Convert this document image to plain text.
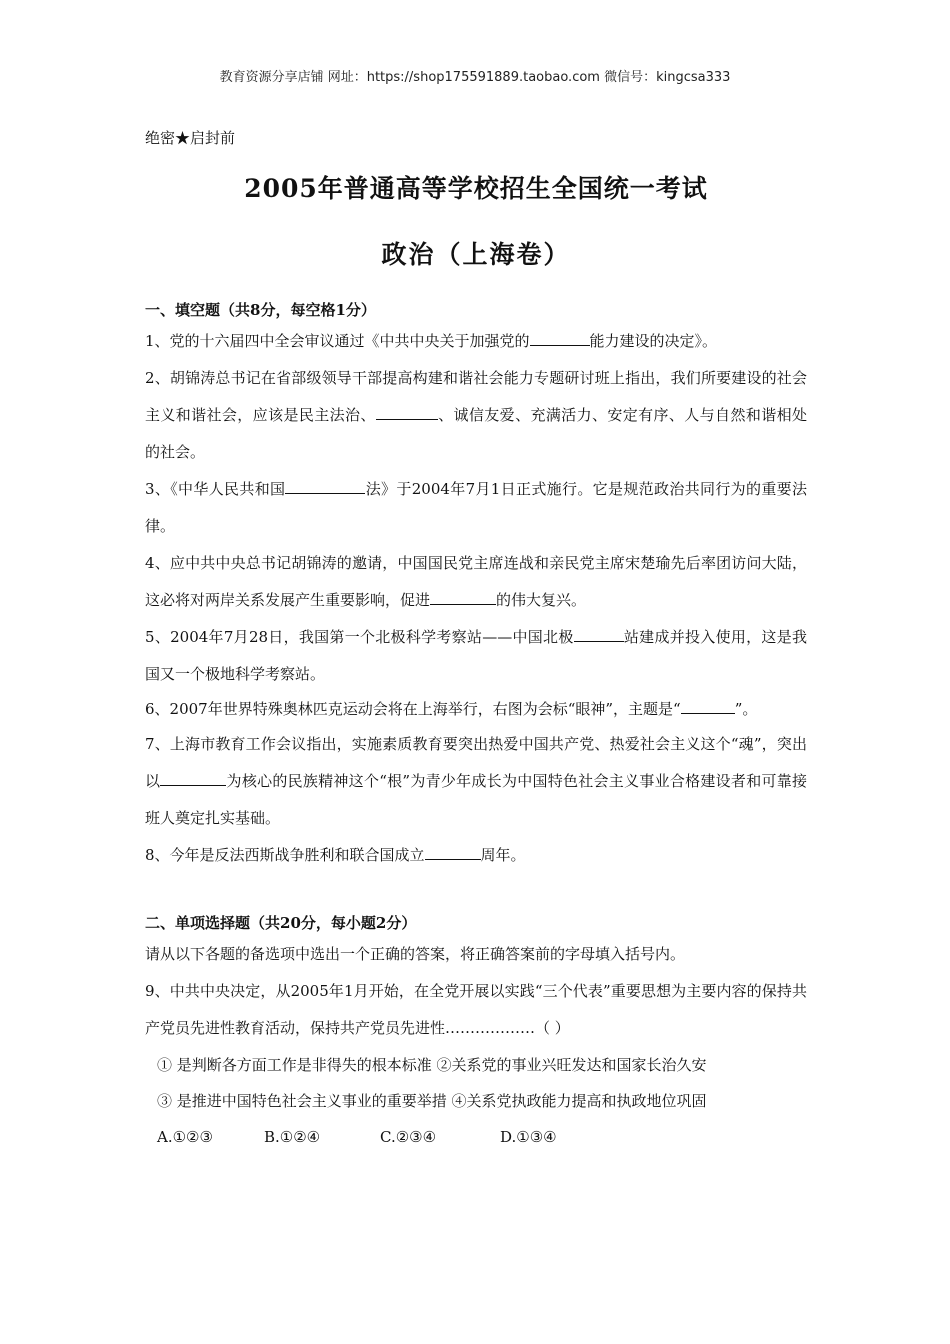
教育资源分享店铺 网址：https://shop175591889.taobao.com 微信号：kingcsa333

绝密★启封前

2005年普通高等学校招生全国统一考试
政治（上海卷）

一、填空题（共8分，每空格1分）

1、党的十六届四中全会审议通过《中共中央关于加强党的	能力建设的决定》。

2、胡锦涛总书记在省部级领导干部提高构建和谐社会能力专题研讨班上指出，我们所要建设的社会主义和谐社会，应该是民主法治、	、诚信友爱、充满活力、安定有序、人与自然和谐相处的社会。

3、《中华人民共和国	法》于2004年7月1日正式施行。它是规范政治共同行为的重要法律。

4、应中共中央总书记胡锦涛的邀请，中国国民党主席连战和亲民党主席宋楚瑜先后率团访问大陆，这必将对两岸关系发展产生重要影响，促进	的伟大复兴。

5、2004年7月28日，我国第一个北极科学考察站——中国北极	站建成并投入使用，这是我国又一个极地科学考察站。

6、2007年世界特殊奥林匹克运动会将在上海举行，右图为会标“眼神”，主题是“	”。

7、上海市教育工作会议指出，实施素质教育要突出热爱中国共产党、热爱社会主义这个“魂”，突出以	为核心的民族精神这个“根”为青少年成长为中国特色社会主义事业合格建设者和可靠接班人奠定扎实基础。

8、今年是反法西斯战争胜利和联合国成立	周年。

二、单项选择题（共20分，每小题2分）

请从以下各题的备选项中选出一个正确的答案，将正确答案前的字母填入括号内。

9、中共中央决定，从2005年1月开始，在全党开展以实践“三个代表”重要思想为主要内容的保持共产党员先进性教育活动，保持共产党员先进性………………（ ）

① 是判断各方面工作是非得失的根本标准 ②关系党的事业兴旺发达和国家长治久安

③ 是推进中国特色社会主义事业的重要举措 ④关系党执政能力提高和执政地位巩固

A.①②③	B.①②④	C.②③④	D.①③④
